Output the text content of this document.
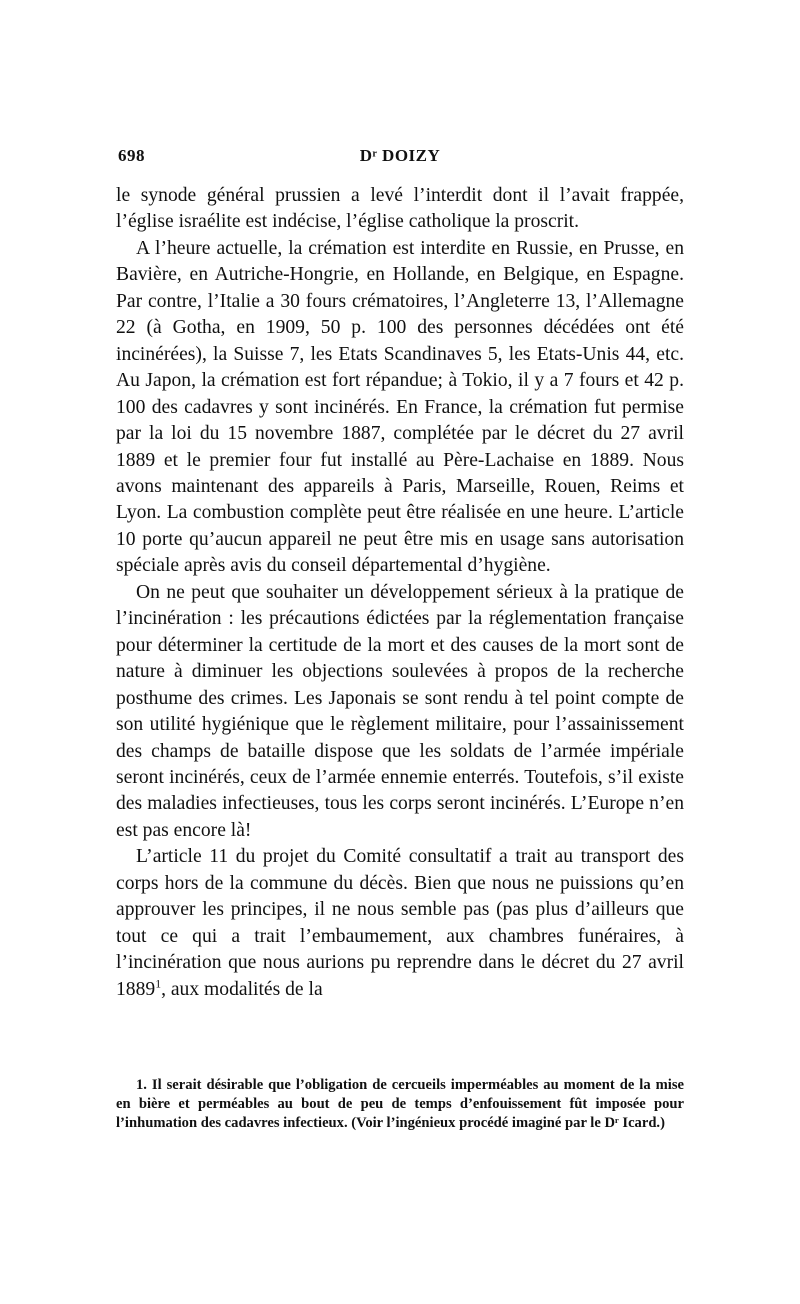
698	Dʳ DOIZY

le synode général prussien a levé l’interdit dont il l’avait frappée, l’église israélite est indécise, l’église catholique la proscrit.

A l’heure actuelle, la crémation est interdite en Russie, en Prusse, en Bavière, en Autriche-Hongrie, en Hollande, en Belgique, en Espagne. Par contre, l’Italie a 30 fours crématoires, l’Angleterre 13, l’Allemagne 22 (à Gotha, en 1909, 50 p. 100 des personnes décédées ont été incinérées), la Suisse 7, les Etats Scandinaves 5, les Etats-Unis 44, etc. Au Japon, la crémation est fort répandue; à Tokio, il y a 7 fours et 42 p. 100 des cadavres y sont incinérés. En France, la crémation fut permise par la loi du 15 novembre 1887, complétée par le décret du 27 avril 1889 et le premier four fut installé au Père-Lachaise en 1889. Nous avons maintenant des appareils à Paris, Marseille, Rouen, Reims et Lyon. La combustion complète peut être réalisée en une heure. L’article 10 porte qu’aucun appareil ne peut être mis en usage sans autorisation spéciale après avis du conseil départemental d’hygiène.

On ne peut que souhaiter un développement sérieux à la pratique de l’incinération : les précautions édictées par la réglementation française pour déterminer la certitude de la mort et des causes de la mort sont de nature à diminuer les objections soulevées à propos de la recherche posthume des crimes. Les Japonais se sont rendu à tel point compte de son utilité hygiénique que le règlement militaire, pour l’assainissement des champs de bataille dispose que les soldats de l’armée impériale seront incinérés, ceux de l’armée ennemie enterrés. Toutefois, s’il existe des maladies infectieuses, tous les corps seront incinérés. L’Europe n’en est pas encore là!

L’article 11 du projet du Comité consultatif a trait au transport des corps hors de la commune du décès. Bien que nous ne puissions qu’en approuver les principes, il ne nous semble pas (pas plus d’ailleurs que tout ce qui a trait l’embaumement, aux chambres funéraires, à l’incinération que nous aurions pu reprendre dans le décret du 27 avril 1889$^1$, aux modalités de la

1. Il serait désirable que l’obligation de cercueils imperméables au moment de la mise en bière et perméables au bout de peu de temps d’enfouissement fût imposée pour l’inhumation des cadavres infectieux. (Voir l’ingénieux procédé imaginé par le Dʳ Icard.)
